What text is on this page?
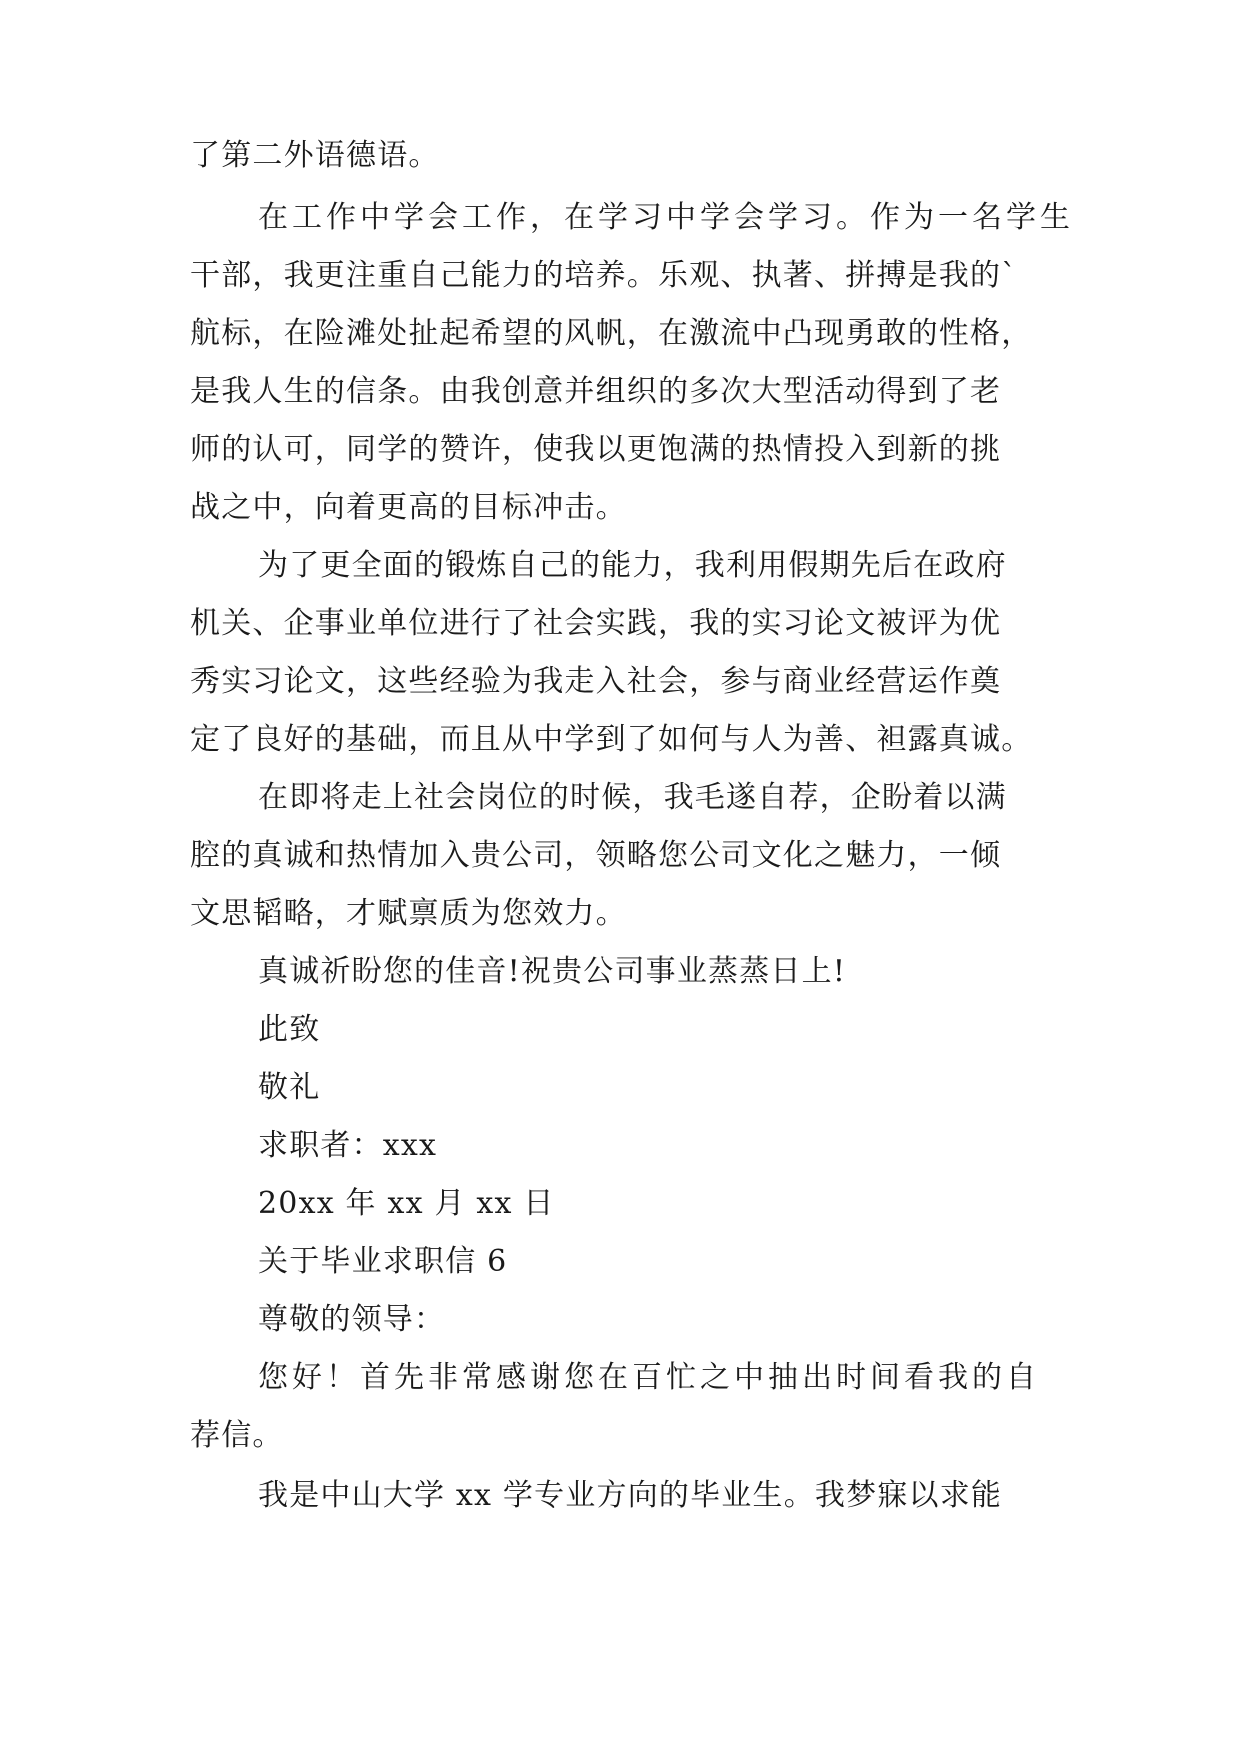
了第二外语德语。
在工作中学会工作，在学习中学会学习。作为一名学生
干部，我更注重自己能力的培养。乐观、执著、拼搏是我的`
航标，在险滩处扯起希望的风帆，在激流中凸现勇敢的性格，
是我人生的信条。由我创意并组织的多次大型活动得到了老
师的认可，同学的赞许，使我以更饱满的热情投入到新的挑
战之中，向着更高的目标冲击。
为了更全面的锻炼自己的能力，我利用假期先后在政府
机关、企事业单位进行了社会实践，我的实习论文被评为优
秀实习论文，这些经验为我走入社会，参与商业经营运作奠
定了良好的基础，而且从中学到了如何与人为善、袒露真诚。
在即将走上社会岗位的时候，我毛遂自荐，企盼着以满
腔的真诚和热情加入贵公司，领略您公司文化之魅力，一倾
文思韬略，才赋禀质为您效力。
真诚祈盼您的佳音!祝贵公司事业蒸蒸日上!
此致
敬礼
求职者：xxx
20xx 年 xx 月 xx 日
关于毕业求职信 6
尊敬的领导：
您好！首先非常感谢您在百忙之中抽出时间看我的自
荐信。
我是中山大学 xx 学专业方向的毕业生。我梦寐以求能
